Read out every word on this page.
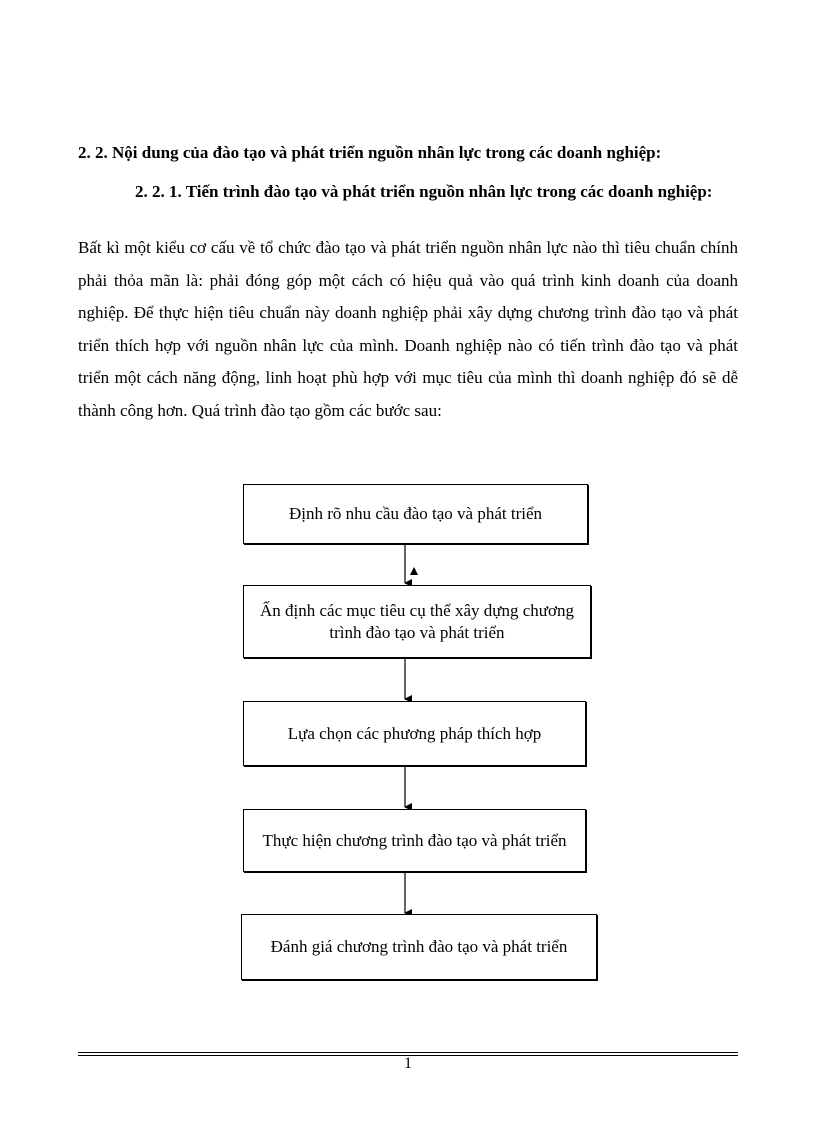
2. 2. Nội dung của đào tạo và phát triển nguồn nhân lực trong các doanh nghiệp:
2. 2. 1. Tiến trình đào tạo và phát triển nguồn nhân lực trong các doanh nghiệp:
Bất kì một kiểu cơ cấu về tổ chức đào tạo và phát triển nguồn nhân lực nào thì tiêu chuẩn chính phải thỏa mãn là: phải đóng góp một cách có hiệu quả vào quá trình kinh doanh của doanh nghiệp. Để thực hiện tiêu chuẩn này doanh nghiệp phải xây dựng chương trình đào tạo và phát triển thích hợp với nguồn nhân lực của mình. Doanh nghiệp nào có tiến trình đào tạo và phát triển một cách năng động, linh hoạt phù hợp với mục tiêu của mình thì doanh nghiệp đó sẽ dễ thành công hơn. Quá trình đào tạo gồm các bước sau:
Định rõ nhu cầu đào tạo và phát triển
Ấn định các mục tiêu cụ thể xây dựng chương trình đào tạo và phát triển
Lựa chọn các phương pháp thích hợp
Thực hiện chương trình đào tạo và phát triển
Đánh giá chương trình đào tạo và phát triển
1
